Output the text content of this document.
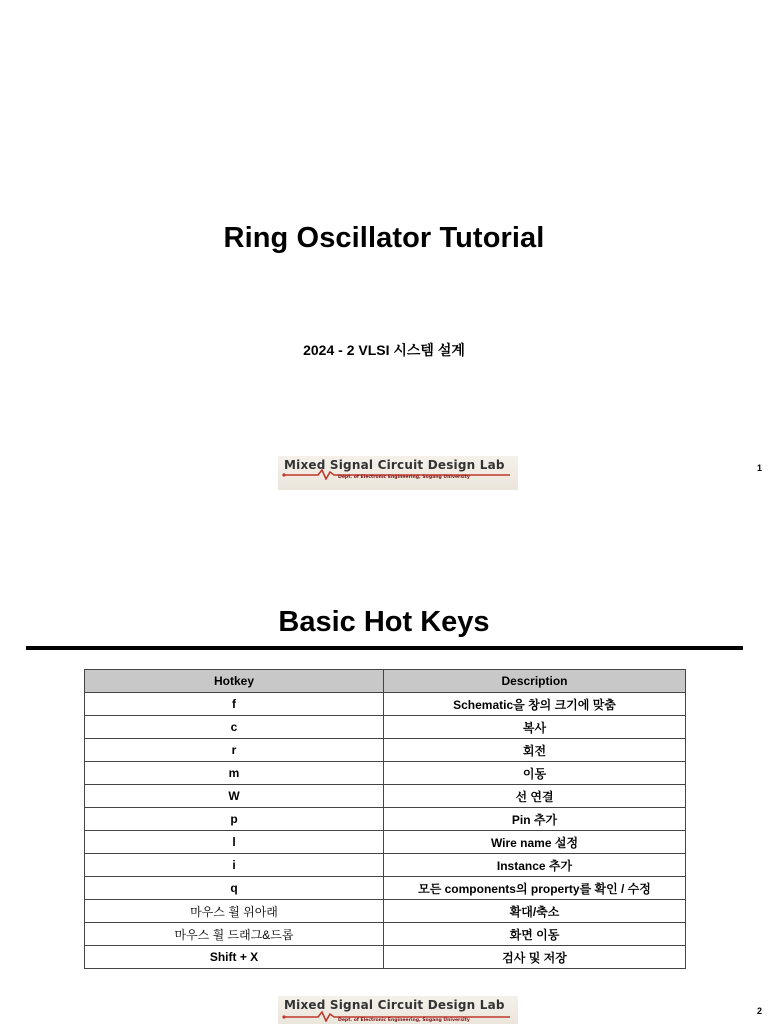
Ring Oscillator Tutorial
2024 - 2 VLSI 시스템 설계
Mixed Signal Circuit Design Lab
Dept. of Electronic Engineering, Sogang University
1
Basic Hot Keys
Hotkey	Description
f	Schematic을 창의 크기에 맞춤
c	복사
r	회전
m	이동
W	선 연결
p	Pin 추가
l	Wire name 설정
i	Instance 추가
q	모든 components의 property를 확인 / 수정
마우스 휠 위아래	확대/축소
마우스 휠 드래그&드롭	화면 이동
Shift + X	검사 및 저장
Mixed Signal Circuit Design Lab
Dept. of Electronic Engineering, Sogang University
2
